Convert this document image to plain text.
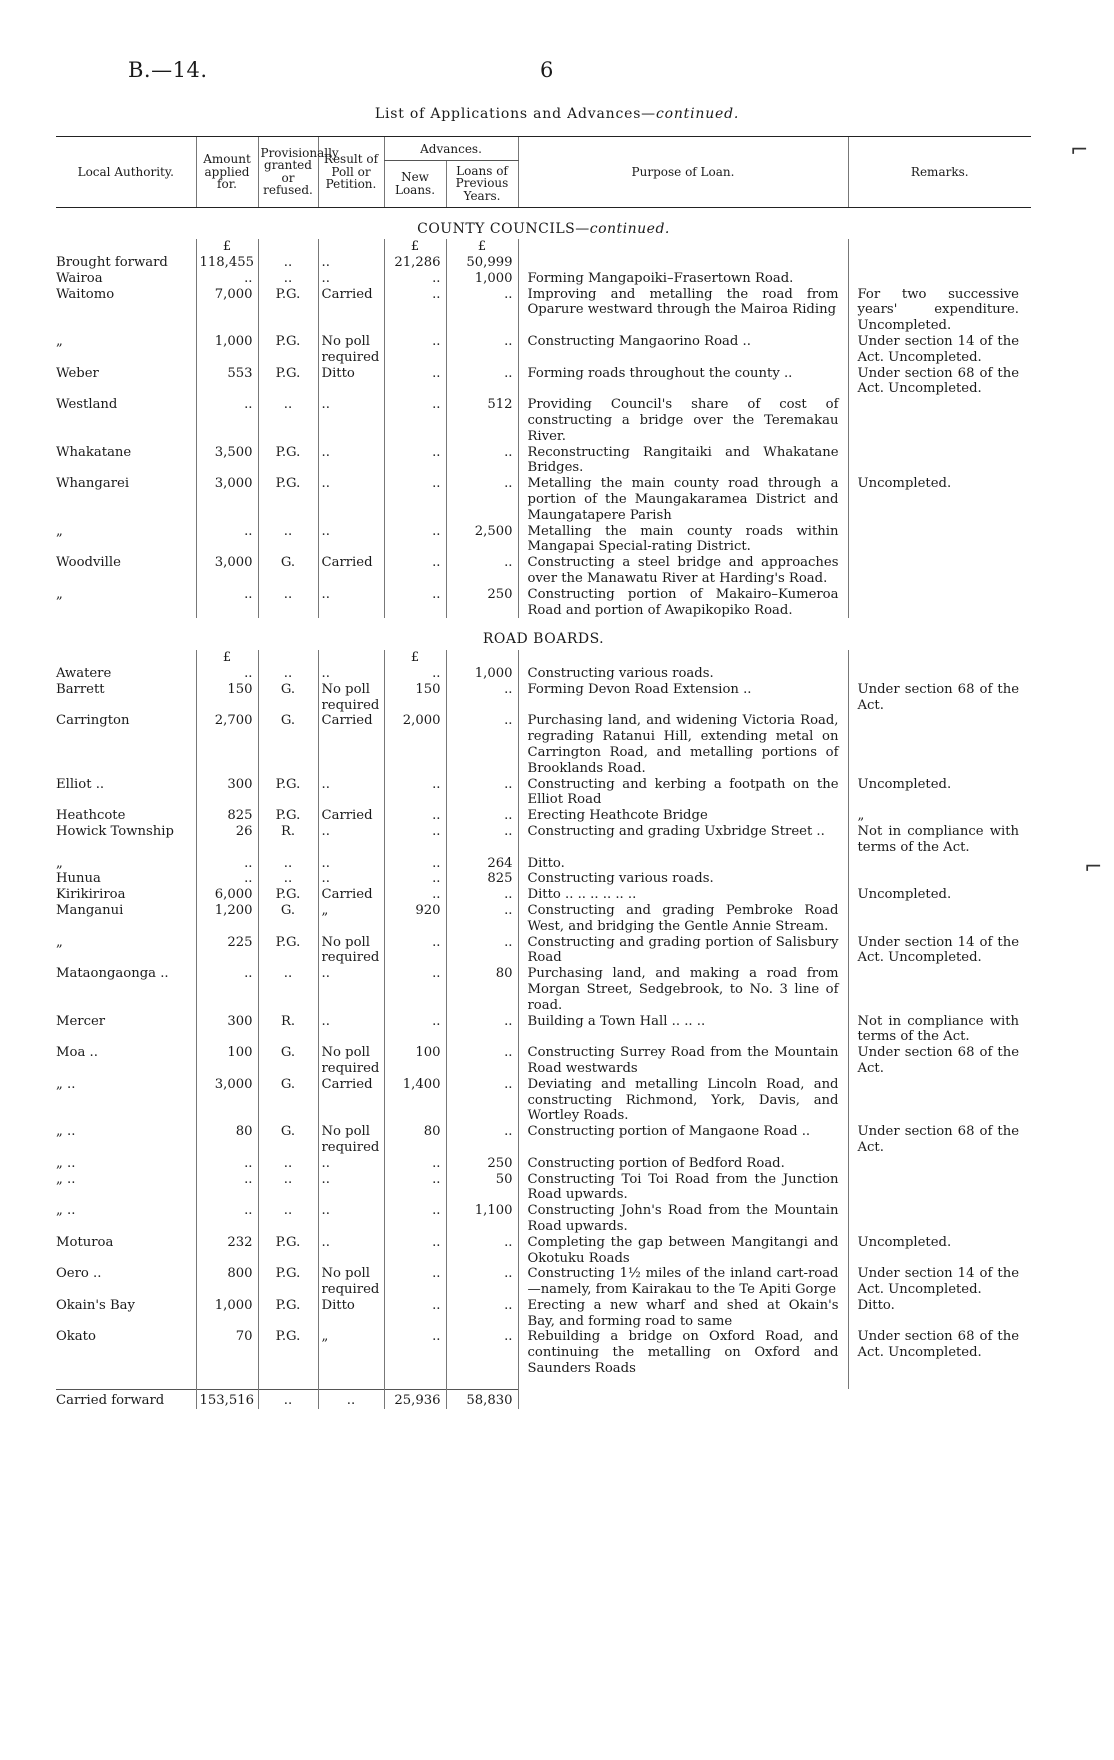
B.—14.	6
List of Applications and Advances—continued.
Local Authority.	Amount applied for.	Provisionally granted or refused.	Result of Poll or Petition.	Advances.		Purpose of Loan.	Remarks.
				New Loans.	Loans of Previous Years.		
COUNTY COUNCILS—continued.							
	£			£	£		
Brought forward	118,455	..	..	21,286	50,999		
Wairoa	..	..	..	..	1,000	Forming Mangapoiki–Frasertown Road.	
Waitomo	7,000	P.G.	Carried	..	..	Improving and metalling the road from Oparure westward through the Mairoa Riding	For two successive years' expenditure. Uncompleted.
„	1,000	P.G.	No poll required	..	..	Constructing Mangaorino Road ..	Under section 14 of the Act. Uncompleted.
Weber	553	P.G.	Ditto	..	..	Forming roads throughout the county ..	Under section 68 of the Act. Uncompleted.
Westland	..	..	..	..	512	Providing Council's share of cost of constructing a bridge over the Teremakau River.	
Whakatane	3,500	P.G.	..	..	..	Reconstructing Rangitaiki and Whakatane Bridges.	
Whangarei	3,000	P.G.	..	..	..	Metalling the main county road through a portion of the Maungakaramea District and Maungatapere Parish	Uncompleted.
„	..	..	..	..	2,500	Metalling the main county roads within Mangapai Special-rating District.	
Woodville	3,000	G.	Carried	..	..	Constructing a steel bridge and approaches over the Manawatu River at Harding's Road.	
„	..	..	..	..	250	Constructing portion of Makairo–Kumeroa Road and portion of Awapikopiko Road.	
ROAD BOARDS.							
	£			£			
Awatere	..	..	..	..	1,000	Constructing various roads.	
Barrett	150	G.	No poll required	150	..	Forming Devon Road Extension ..	Under section 68 of the Act.
Carrington	2,700	G.	Carried	2,000	..	Purchasing land, and widening Victoria Road, regrading Ratanui Hill, extending metal on Carrington Road, and metalling portions of Brooklands Road.	
Elliot ..	300	P.G.	..	..	..	Constructing and kerbing a footpath on the Elliot Road	Uncompleted.
Heathcote	825	P.G.	Carried	..	..	Erecting Heathcote Bridge	„
Howick Township	26	R.	..	..	..	Constructing and grading Uxbridge Street ..	Not in compliance with terms of the Act.
„	..	..	..	..	264	Ditto.	
Hunua	..	..	..	..	825	Constructing various roads.	
Kirikiriroa	6,000	P.G.	Carried	..	..	Ditto .. .. .. .. .. ..	Uncompleted.
Manganui	1,200	G.	„	920	..	Constructing and grading Pembroke Road West, and bridging the Gentle Annie Stream.	
„	225	P.G.	No poll required	..	..	Constructing and grading portion of Salisbury Road	Under section 14 of the Act. Uncompleted.
Mataongaonga ..	..	..	..	..	80	Purchasing land, and making a road from Morgan Street, Sedgebrook, to No. 3 line of road.	
Mercer	300	R.	..	..	..	Building a Town Hall .. .. ..	Not in compliance with terms of the Act.
Moa ..	100	G.	No poll required	100	..	Constructing Surrey Road from the Mountain Road westwards	Under section 68 of the Act.
„ ..	3,000	G.	Carried	1,400	..	Deviating and metalling Lincoln Road, and constructing Richmond, York, Davis, and Wortley Roads.	
„ ..	80	G.	No poll required	80	..	Constructing portion of Mangaone Road ..	Under section 68 of the Act.
„ ..	..	..	..	..	250	Constructing portion of Bedford Road.	
„ ..	..	..	..	..	50	Constructing Toi Toi Road from the Junction Road upwards.	
„ ..	..	..	..	..	1,100	Constructing John's Road from the Mountain Road upwards.	
Moturoa	232	P.G.	..	..	..	Completing the gap between Mangitangi and Okotuku Roads	Uncompleted.
Oero ..	800	P.G.	No poll required	..	..	Constructing 1½ miles of the inland cart-road—namely, from Kairakau to the Te Apiti Gorge	Under section 14 of the Act. Uncompleted.
Okain's Bay	1,000	P.G.	Ditto	..	..	Erecting a new wharf and shed at Okain's Bay, and forming road to same	Ditto.
Okato	70	P.G.	„	..	..	Rebuilding a bridge on Oxford Road, and continuing the metalling on Oxford and Saunders Roads	Under section 68 of the Act. Uncompleted.

Carried forward	153,516	..	..	25,936	58,830		
⌐
⌐
